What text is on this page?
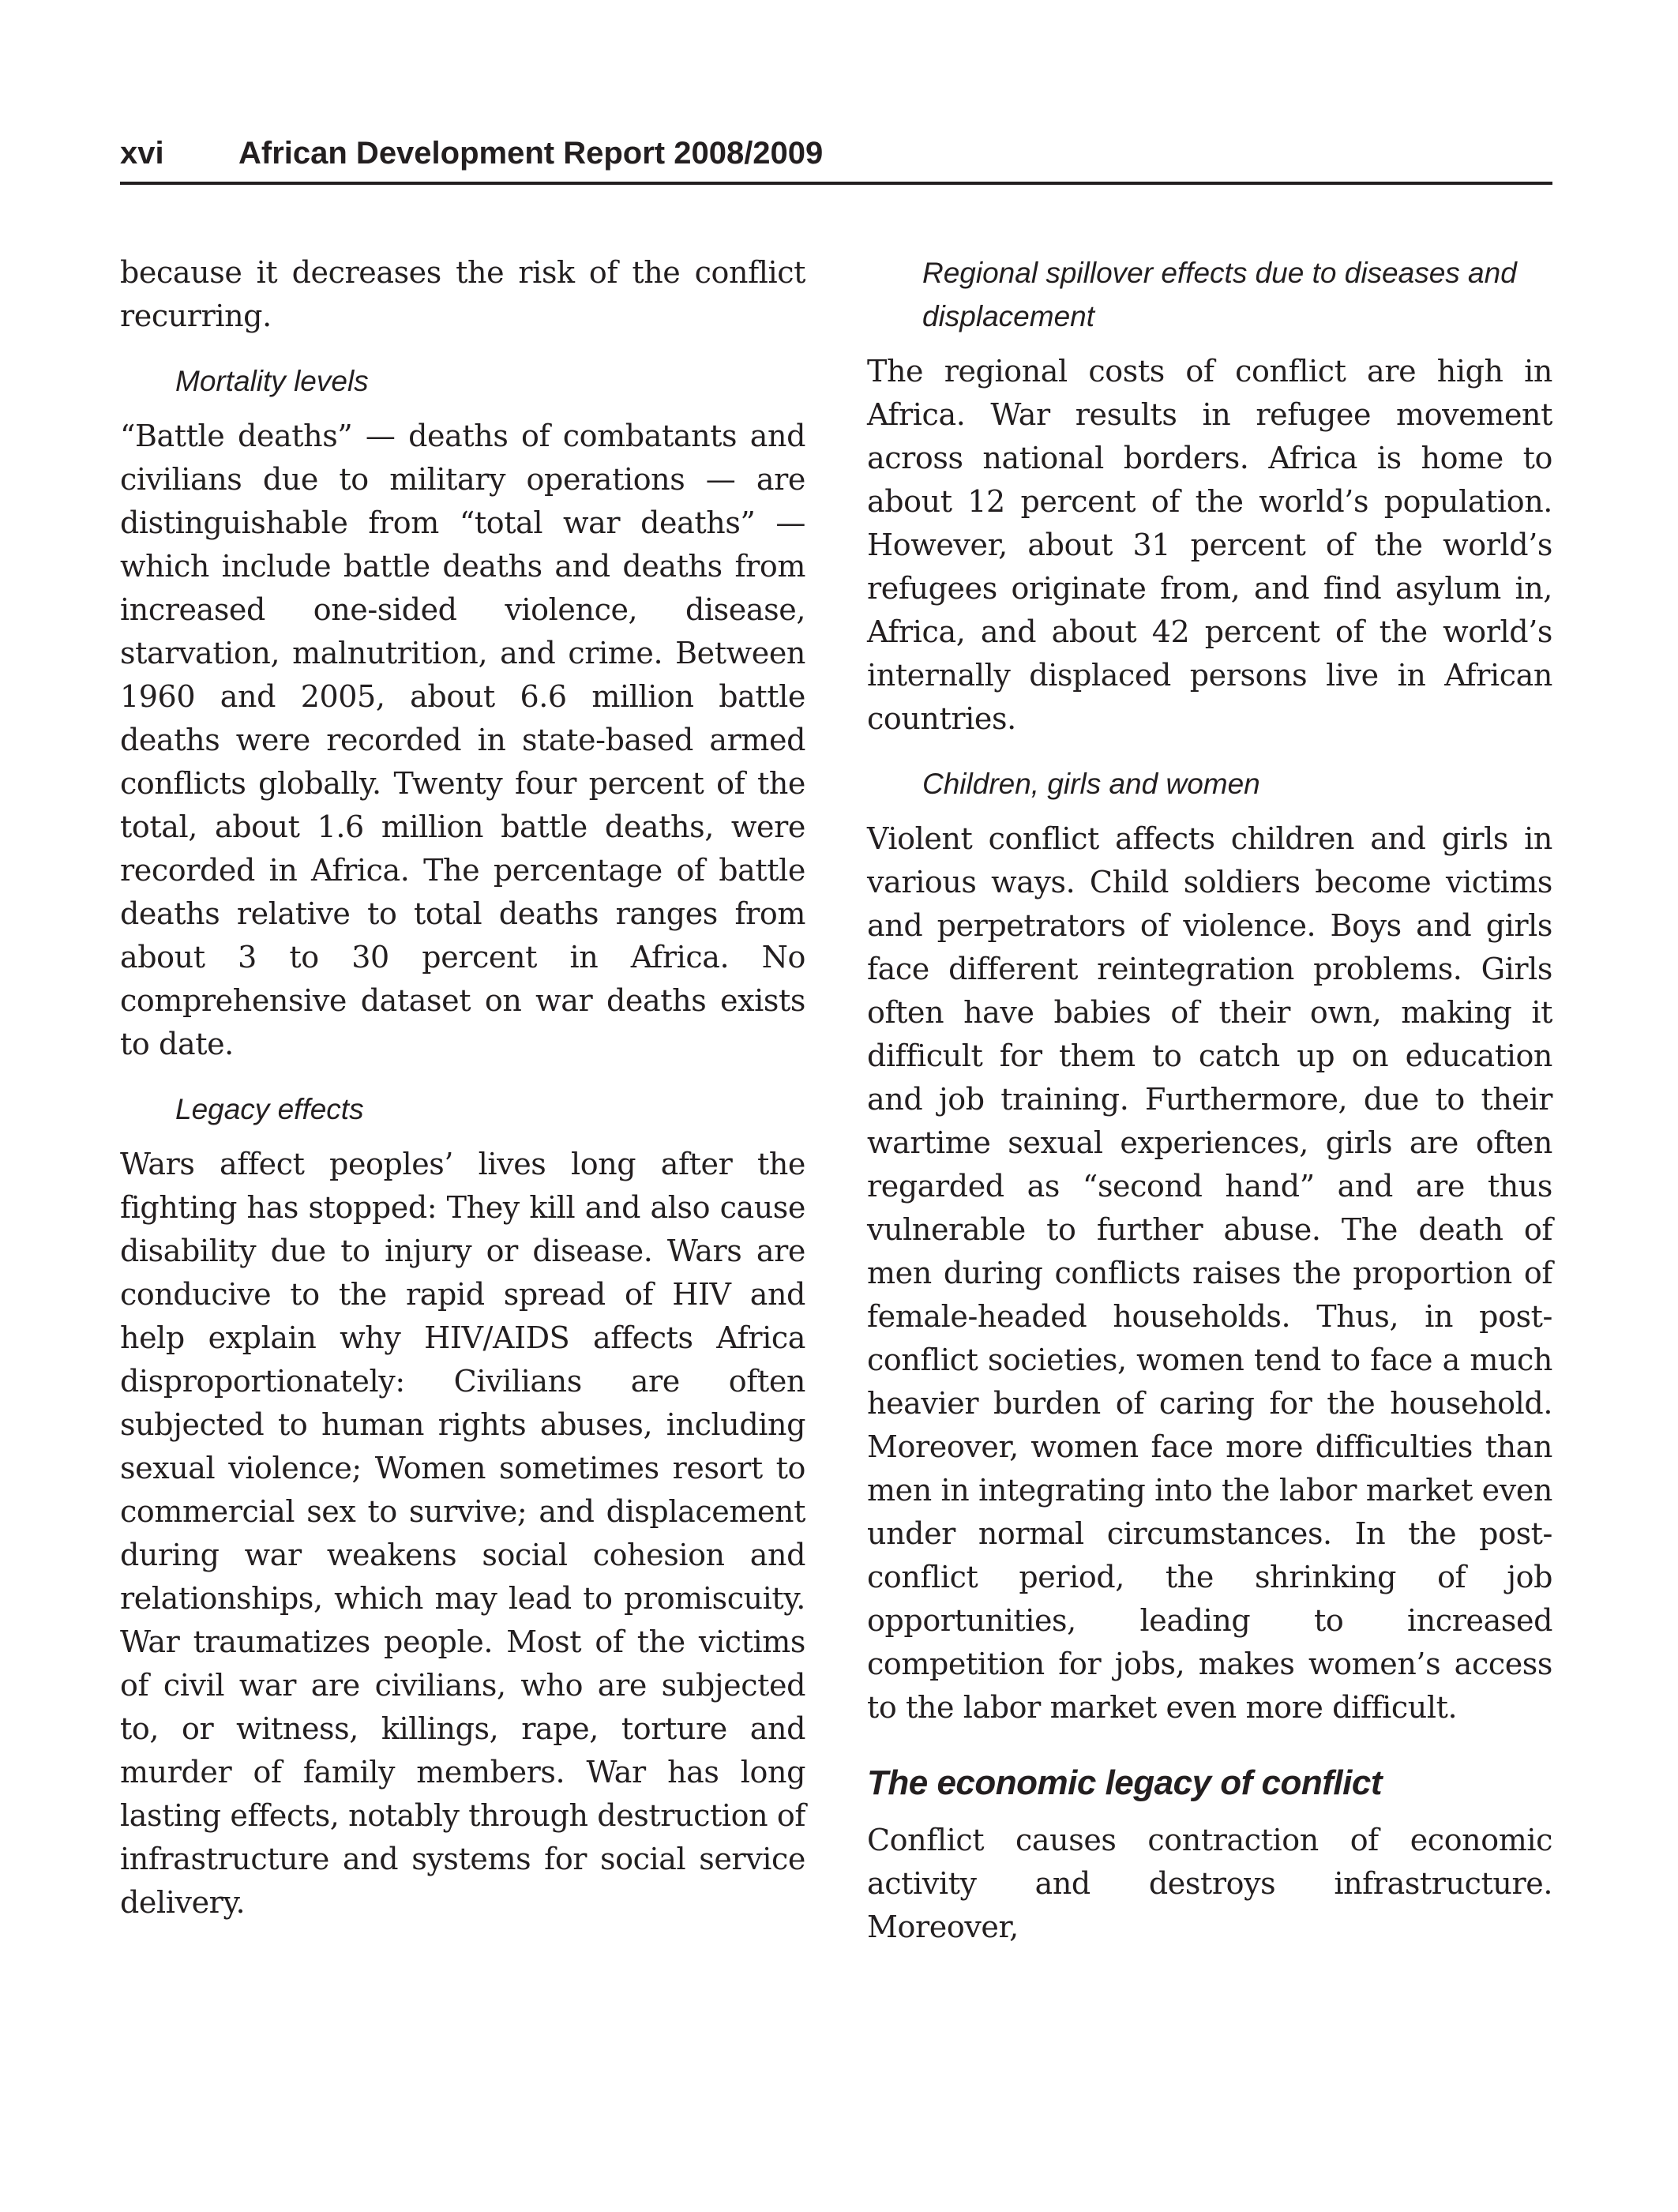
xvi African Development Report 2008/2009

because it decreases the risk of the conflict recurring.

Mortality levels

“Battle deaths” — deaths of combatants and civilians due to military operations — are distinguishable from “total war deaths” — which include battle deaths and deaths from increased one-sided violence, disease, starvation, malnutrition, and crime. Between 1960 and 2005, about 6.6 million battle deaths were recorded in state-based armed conflicts globally. Twenty four percent of the total, about 1.6 million battle deaths, were recorded in Africa. The percentage of battle deaths relative to total deaths ranges from about 3 to 30 percent in Africa. No comprehensive dataset on war deaths exists to date.

Legacy effects

Wars affect peoples’ lives long after the fighting has stopped: They kill and also cause disability due to injury or disease. Wars are conducive to the rapid spread of HIV and help explain why HIV/AIDS affects Africa disproportionately: Civilians are often subjected to human rights abuses, including sexual violence; Women sometimes resort to commercial sex to survive; and displacement during war weakens social cohesion and relationships, which may lead to promiscuity. War traumatizes people. Most of the victims of civil war are civilians, who are subjected to, or witness, killings, rape, torture and murder of family members. War has long lasting effects, notably through destruction of infrastructure and systems for social service delivery.

Regional spillover effects due to diseases and displacement

The regional costs of conflict are high in Africa. War results in refugee movement across national borders. Africa is home to about 12 percent of the world’s population. However, about 31 percent of the world’s refugees originate from, and find asylum in, Africa, and about 42 percent of the world’s internally displaced persons live in African countries.

Children, girls and women

Violent conflict affects children and girls in various ways. Child soldiers become victims and perpetrators of violence. Boys and girls face different reintegration problems. Girls often have babies of their own, making it difficult for them to catch up on education and job training. Furthermore, due to their wartime sexual experiences, girls are often regarded as “second hand” and are thus vulnerable to further abuse. The death of men during conflicts raises the proportion of female-headed households. Thus, in post-conflict societies, women tend to face a much heavier burden of caring for the household. Moreover, women face more difficulties than men in integrating into the labor market even under normal circumstances. In the post-conflict period, the shrinking of job opportunities, leading to increased competition for jobs, makes women’s access to the labor market even more difficult.

The economic legacy of conflict

Conflict causes contraction of economic activity and destroys infrastructure. Moreover,
